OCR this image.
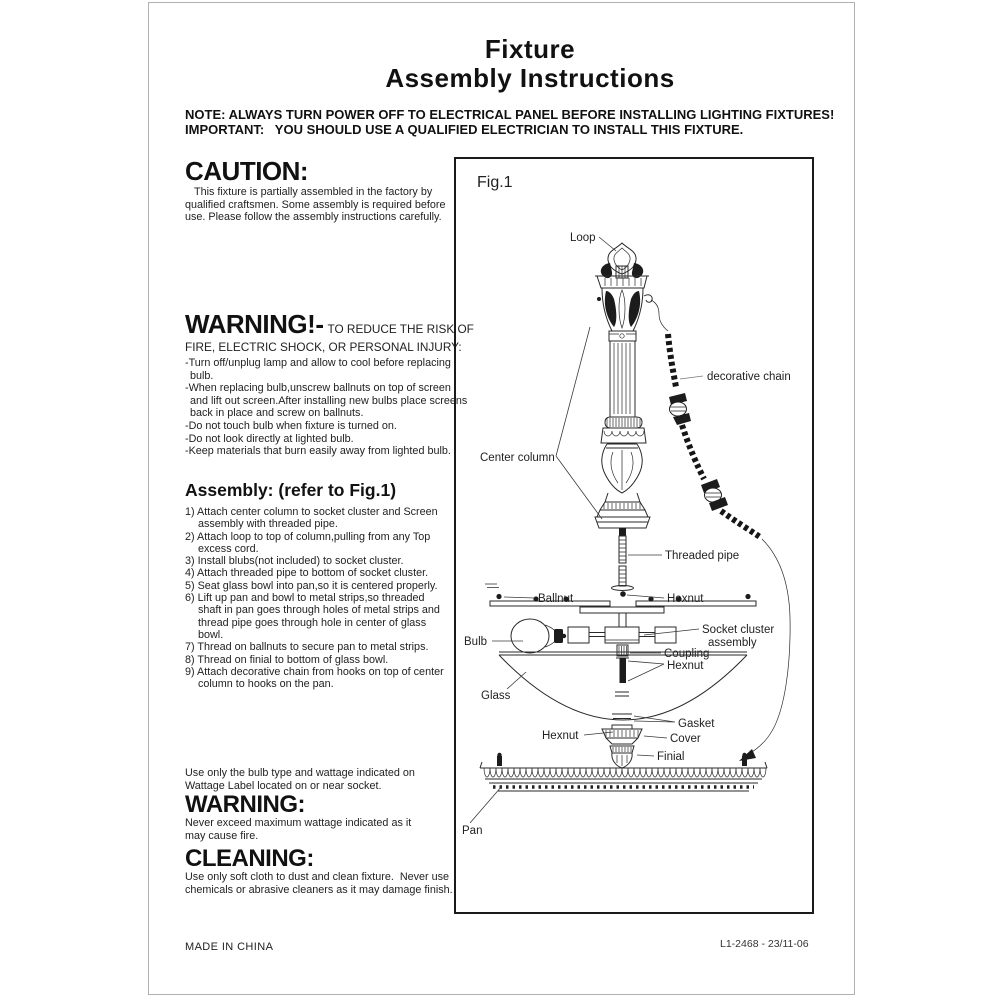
Fixture
Assembly Instructions
NOTE: ALWAYS TURN POWER OFF TO ELECTRICAL PANEL BEFORE INSTALLING LIGHTING FIXTURES!
IMPORTANT:   YOU SHOULD USE A QUALIFIED ELECTRICIAN TO INSTALL THIS FIXTURE.
CAUTION:
This fixture is partially assembled in the factory by qualified craftsmen. Some assembly is required before use. Please follow the assembly instructions carefully.
WARNING!- TO REDUCE THE RISK OF
FIRE, ELECTRIC SHOCK, OR PERSONAL INJURY:
-Turn off/unplug lamp and allow to cool before replacing bulb.
-When replacing bulb,unscrew ballnuts on top of screen and lift out screen.After installing new bulbs place screens back in place and screw on ballnuts.
-Do not touch bulb when fixture is turned on.
-Do not look directly at lighted bulb.
-Keep materials that burn easily away from lighted bulb.
Assembly: (refer to Fig.1)
1) Attach center column to socket cluster and Screen assembly with threaded pipe.
2) Attach loop to top of column,pulling from any Top excess cord.
3) Install blubs(not included) to socket cluster.
4) Attach threaded pipe to bottom of socket cluster.
5) Seat glass bowl into pan,so it is centered properly.
6) Lift up pan and bowl to metal strips,so threaded shaft in pan goes through holes of metal strips and thread pipe goes through hole in center of glass bowl.
7) Thread on ballnuts to secure pan to metal strips.
8) Thread on finial to bottom of glass bowl.
9) Attach decorative chain from hooks on top of center column to hooks on the pan.
Use only the bulb type and wattage indicated on Wattage Label located on or near socket.
WARNING:
Never exceed maximum wattage indicated as it may cause fire.
CLEANING:
Use only soft cloth to dust and clean fixture.  Never use chemicals or abrasive cleaners as it may damage finish.
MADE IN CHINA	L1-2468 - 23/11-06
Fig.1
Loop
decorative chain
Center column
Threaded pipe
Ballnut	Hexnut
Bulb
Socket cluster
assembly
Coupling
Hexnut
Glass
Gasket
Hexnut	Cover
Finial
Pan
